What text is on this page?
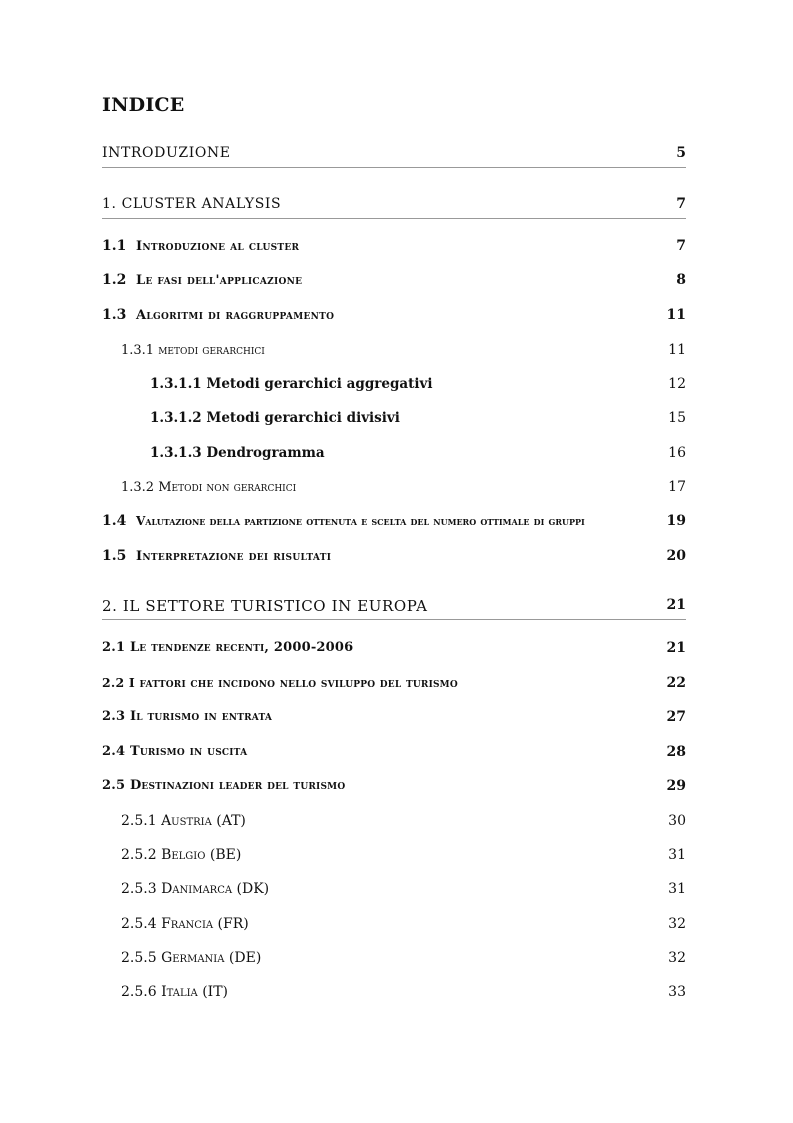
INDICE
INTRODUZIONE	5
1. CLUSTER ANALYSIS	7
1.1 Introduzione al cluster	7
1.2 Le fasi dell'applicazione	8
1.3 Algoritmi di raggruppamento	11
1.3.1 metodi gerarchici	11
1.3.1.1 Metodi gerarchici aggregativi	12
1.3.1.2 Metodi gerarchici divisivi	15
1.3.1.3 Dendrogramma	16
1.3.2 Metodi non gerarchici	17
1.4 Valutazione della partizione ottenuta e scelta del numero ottimale di gruppi	19
1.5 Interpretazione dei risultati	20
2. IL SETTORE TURISTICO IN EUROPA	21
2.1 Le tendenze recenti, 2000-2006	21
2.2 I fattori che incidono nello sviluppo del turismo	22
2.3 Il turismo in entrata	27
2.4 Turismo in uscita	28
2.5 Destinazioni leader del turismo	29
2.5.1 Austria (AT)	30
2.5.2 Belgio (BE)	31
2.5.3 Danimarca (DK)	31
2.5.4 Francia (FR)	32
2.5.5 Germania (DE)	32
2.5.6 Italia (IT)	33
